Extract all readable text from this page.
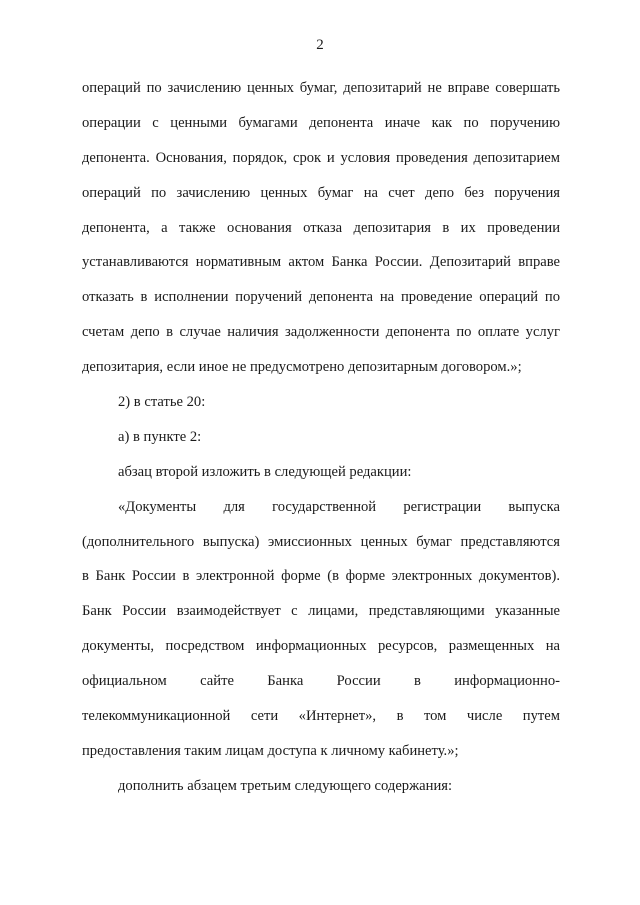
2
операций по зачислению ценных бумаг, депозитарий не вправе совершать
операции с ценными бумагами депонента иначе как по поручению
депонента. Основания, порядок, срок и условия проведения депозитарием
операций по зачислению ценных бумаг на счет депо без поручения
депонента, а также основания отказа депозитария в их проведении
устанавливаются нормативным актом Банка России. Депозитарий вправе
отказать в исполнении поручений депонента на проведение операций по
счетам депо в случае наличия задолженности депонента по оплате услуг
депозитария, если иное не предусмотрено депозитарным договором.»;
2) в статье 20:
а) в пункте 2:
абзац второй изложить в следующей редакции:
«Документы для государственной регистрации выпуска
(дополнительного выпуска) эмиссионных ценных бумаг представляются
в Банк России в электронной форме (в форме электронных документов).
Банк России взаимодействует с лицами, представляющими указанные
документы, посредством информационных ресурсов, размещенных на
официальном сайте Банка России в информационно-
телекоммуникационной сети «Интернет», в том числе путем
предоставления таким лицам доступа к личному кабинету.»;
дополнить абзацем третьим следующего содержания:
